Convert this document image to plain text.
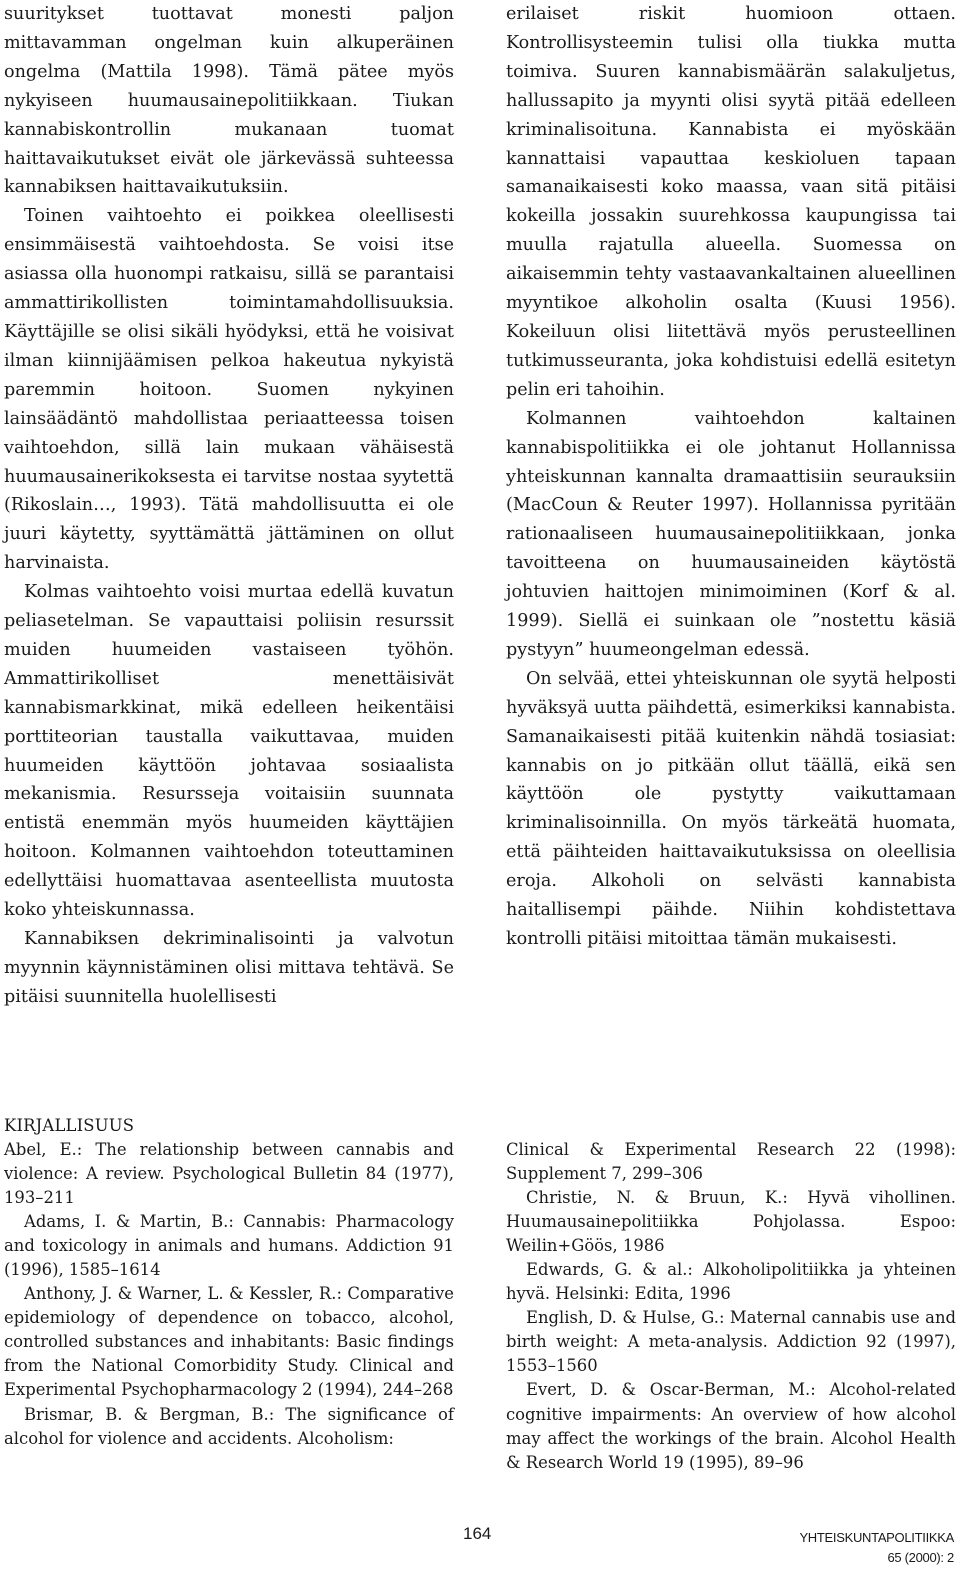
suuritykset tuottavat monesti paljon mittavamman ongelman kuin alkuperäinen ongelma (Mattila 1998). Tämä pätee myös nykyiseen huumausainepolitiikkaan. Tiukan kannabiskontrollin mukanaan tuomat haittavaikutukset eivät ole järkevässä suhteessa kannabiksen haittavaikutuksiin.

Toinen vaihtoehto ei poikkea oleellisesti ensimmäisestä vaihtoehdosta. Se voisi itse asiassa olla huonompi ratkaisu, sillä se parantaisi ammattirikollisten toimintamahdollisuuksia. Käyttäjille se olisi sikäli hyödyksi, että he voisivat ilman kiinnijäämisen pelkoa hakeutua nykyistä paremmin hoitoon. Suomen nykyinen lainsäädäntö mahdollistaa periaatteessa toisen vaihtoehdon, sillä lain mukaan vähäisestä huumausainerikoksesta ei tarvitse nostaa syytettä (Rikoslain…, 1993). Tätä mahdollisuutta ei ole juuri käytetty, syyttämättä jättäminen on ollut harvinaista.

Kolmas vaihtoehto voisi murtaa edellä kuvatun peliasetelman. Se vapauttaisi poliisin resurssit muiden huumeiden vastaiseen työhön. Ammattirikolliset menettäisivät kannabismarkkinat, mikä edelleen heikentäisi porttiteorian taustalla vaikuttavaa, muiden huumeiden käyttöön johtavaa sosiaalista mekanismia. Resursseja voitaisiin suunnata entistä enemmän myös huumeiden käyttäjien hoitoon. Kolmannen vaihtoehdon toteuttaminen edellyttäisi huomattavaa asenteellista muutosta koko yhteiskunnassa.

Kannabiksen dekriminalisointi ja valvotun myynnin käynnistäminen olisi mittava tehtävä. Se pitäisi suunnitella huolellisesti

erilaiset riskit huomioon ottaen. Kontrollisysteemin tulisi olla tiukka mutta toimiva. Suuren kannabismäärän salakuljetus, hallussapito ja myynti olisi syytä pitää edelleen kriminalisoituna. Kannabista ei myöskään kannattaisi vapauttaa keskioluen tapaan samanaikaisesti koko maassa, vaan sitä pitäisi kokeilla jossakin suurehkossa kaupungissa tai muulla rajatulla alueella. Suomessa on aikaisemmin tehty vastaavankaltainen alueellinen myyntikoe alkoholin osalta (Kuusi 1956). Kokeiluun olisi liitettävä myös perusteellinen tutkimusseuranta, joka kohdistuisi edellä esitetyn pelin eri tahoihin.

Kolmannen vaihtoehdon kaltainen kannabispolitiikka ei ole johtanut Hollannissa yhteiskunnan kannalta dramaattisiin seurauksiin (MacCoun & Reuter 1997). Hollannissa pyritään rationaaliseen huumausainepolitiikkaan, jonka tavoitteena on huumausaineiden käytöstä johtuvien haittojen minimoiminen (Korf & al. 1999). Siellä ei suinkaan ole ”nostettu käsiä pystyyn” huumeongelman edessä.

On selvää, ettei yhteiskunnan ole syytä helposti hyväksyä uutta päihdettä, esimerkiksi kannabista. Samanaikaisesti pitää kuitenkin nähdä tosiasiat: kannabis on jo pitkään ollut täällä, eikä sen käyttöön ole pystytty vaikuttamaan kriminalisoinnilla. On myös tärkeätä huomata, että päihteiden haittavaikutuksissa on oleellisia eroja. Alkoholi on selvästi kannabista haitallisempi päihde. Niihin kohdistettava kontrolli pitäisi mitoittaa tämän mukaisesti.

KIRJALLISUUS

Abel, E.: The relationship between cannabis and violence: A review. Psychological Bulletin 84 (1977), 193–211

Adams, I. & Martin, B.: Cannabis: Pharmacology and toxicology in animals and humans. Addiction 91 (1996), 1585–1614

Anthony, J. & Warner, L. & Kessler, R.: Comparative epidemiology of dependence on tobacco, alcohol, controlled substances and inhabitants: Basic findings from the National Comorbidity Study. Clinical and Experimental Psychopharmacology 2 (1994), 244–268

Brismar, B. & Bergman, B.: The significance of alcohol for violence and accidents. Alcoholism:

Clinical & Experimental Research 22 (1998): Supplement 7, 299–306

Christie, N. & Bruun, K.: Hyvä vihollinen. Huumausainepolitiikka Pohjolassa. Espoo: Weilin+Göös, 1986

Edwards, G. & al.: Alkoholipolitiikka ja yhteinen hyvä. Helsinki: Edita, 1996

English, D. & Hulse, G.: Maternal cannabis use and birth weight: A meta-analysis. Addiction 92 (1997), 1553–1560

Evert, D. & Oscar-Berman, M.: Alcohol-related cognitive impairments: An overview of how alcohol may affect the workings of the brain. Alcohol Health & Research World 19 (1995), 89–96

164	YHTEISKUNTAPOLITIIKKA
65 (2000): 2
